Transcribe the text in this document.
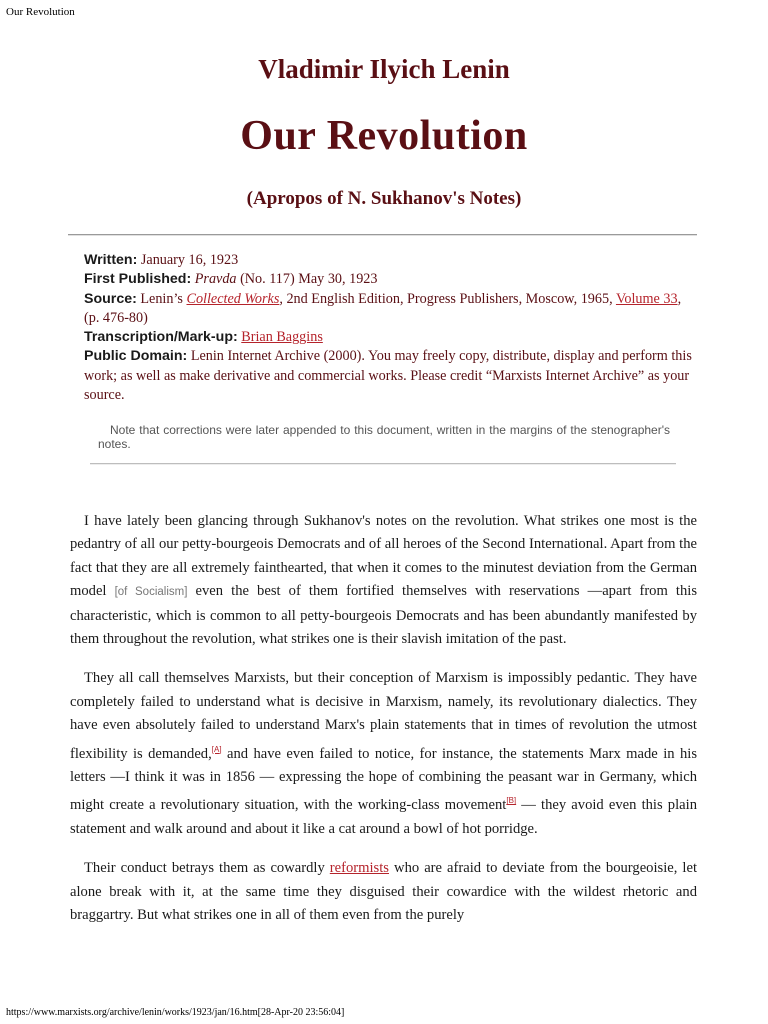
Our Revolution
Vladimir Ilyich Lenin
Our Revolution
(Apropos of N. Sukhanov's Notes)
Written: January 16, 1923
First Published: Pravda (No. 117) May 30, 1923
Source: Lenin’s Collected Works, 2nd English Edition, Progress Publishers, Moscow, 1965, Volume 33, (p. 476-80)
Transcription/Mark-up: Brian Baggins
Public Domain: Lenin Internet Archive (2000). You may freely copy, distribute, display and perform this work; as well as make derivative and commercial works. Please credit “Marxists Internet Archive” as your source.
Note that corrections were later appended to this document, written in the margins of the stenographer's notes.

I have lately been glancing through Sukhanov's notes on the revolution. What strikes one most is the pedantry of all our petty-bourgeois Democrats and of all heroes of the Second International. Apart from the fact that they are all extremely fainthearted, that when it comes to the minutest deviation from the German model [of Socialism] even the best of them fortified themselves with reservations —apart from this characteristic, which is common to all petty-bourgeois Democrats and has been abundantly manifested by them throughout the revolution, what strikes one is their slavish imitation of the past.

They all call themselves Marxists, but their conception of Marxism is impossibly pedantic. They have completely failed to understand what is decisive in Marxism, namely, its revolutionary dialectics. They have even absolutely failed to understand Marx's plain statements that in times of revolution the utmost flexibility is demanded,[A] and have even failed to notice, for instance, the statements Marx made in his letters —I think it was in 1856 — expressing the hope of combining the peasant war in Germany, which might create a revolutionary situation, with the working-class movement[B] — they avoid even this plain statement and walk around and about it like a cat around a bowl of hot porridge.

Their conduct betrays them as cowardly reformists who are afraid to deviate from the bourgeoisie, let alone break with it, at the same time they disguised their cowardice with the wildest rhetoric and braggartry. But what strikes one in all of them even from the purely

https://www.marxists.org/archive/lenin/works/1923/jan/16.htm[28-Apr-20 23:56:04]
